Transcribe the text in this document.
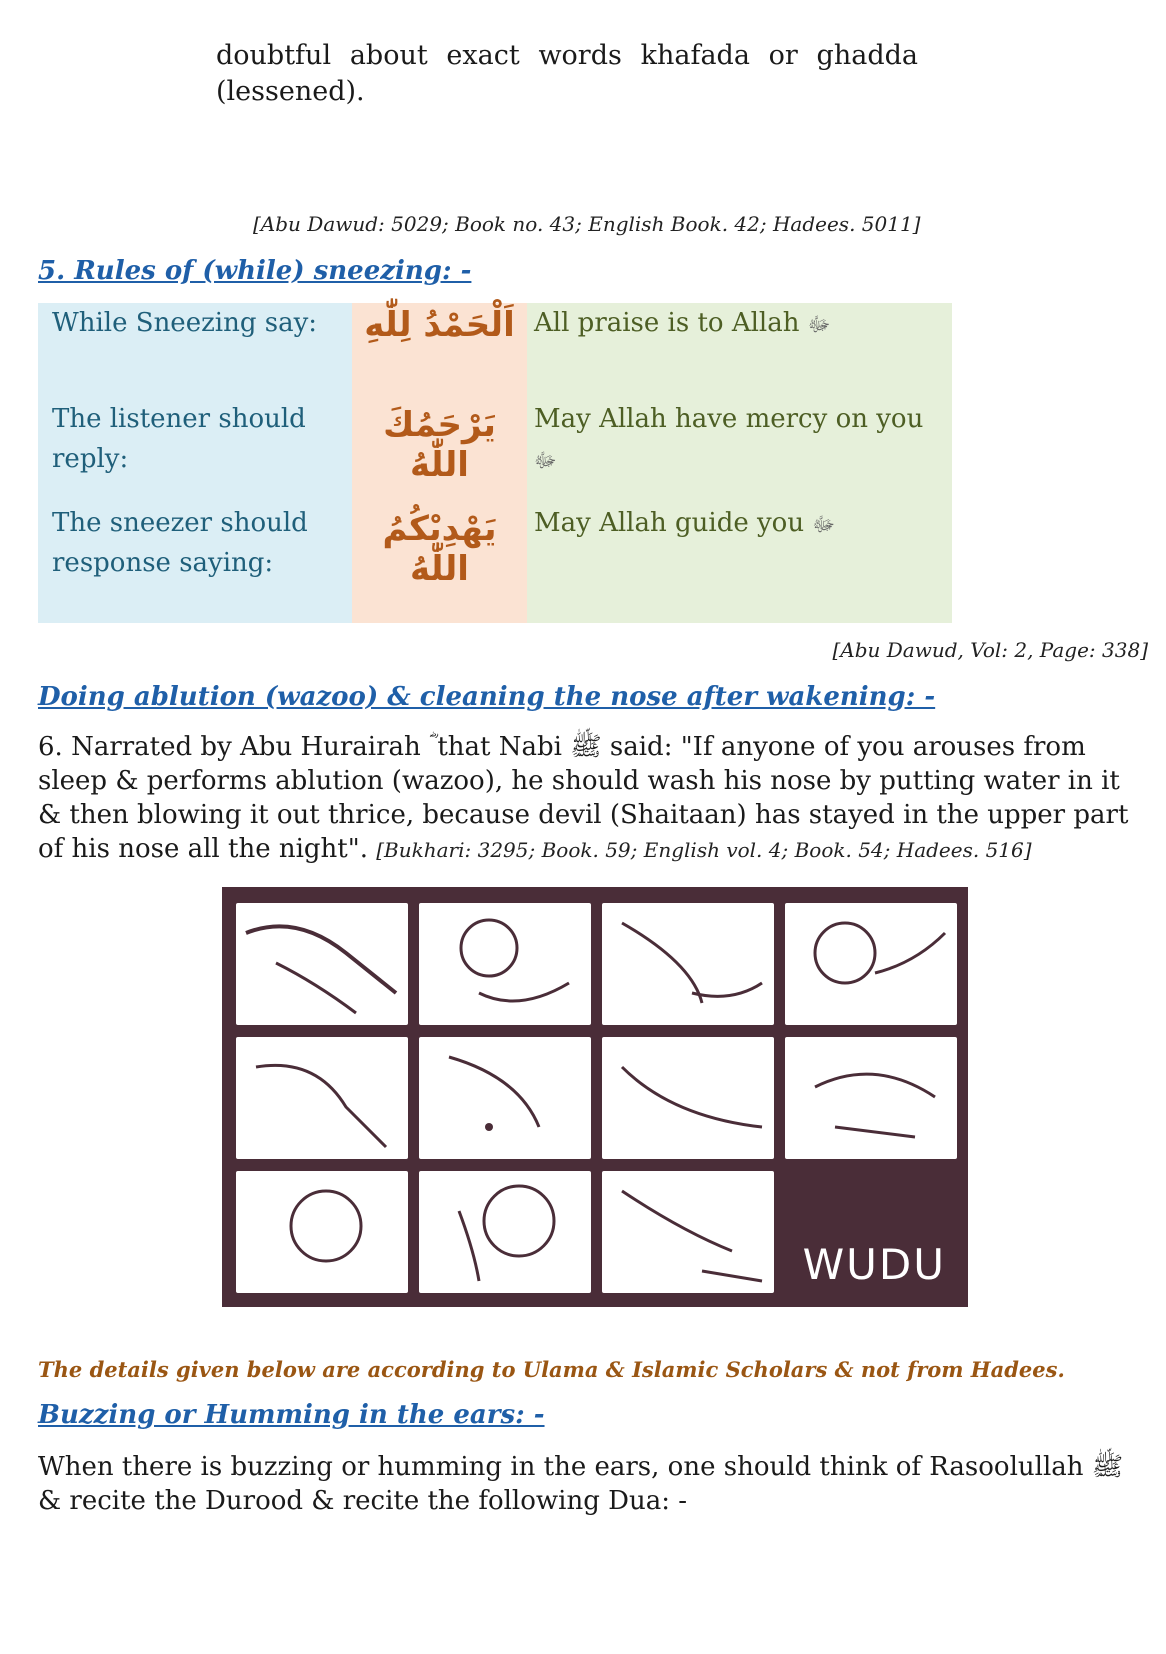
doubtful about exact words khafada or ghadda (lessened).
[Abu Dawud: 5029; Book no. 43; English Book. 42; Hadees. 5011]
5. Rules of (while) sneezing: -
While Sneezing say:	اَلْحَمْدُ لِلّٰهِ All praise is to Allah ﷻ
The listener should reply:
يَرْحَمُكَ اللّٰهُ
May Allah have mercy on you ﷻ
The sneezer should response saying:
يَهْدِيْكُمُ اللّٰهُ
May Allah guide you ﷻ
[Abu Dawud, Vol: 2, Page: 338]
Doing ablution (wazoo) & cleaning the nose after wakening: -
6. Narrated by Abu Hurairah ؓ that Nabi ﷺ said: "If anyone of you arouses from sleep & performs ablution (wazoo), he should wash his nose by putting water in it & then blowing it out thrice, because devil (Shaitaan) has stayed in the upper part of his nose all the night". [Bukhari: 3295; Book. 59; English vol. 4; Book. 54; Hadees. 516]
WUDU
The details given below are according to Ulama & Islamic Scholars & not from Hadees.
Buzzing or Humming in the ears: -
When there is buzzing or humming in the ears, one should think of Rasoolullah ﷺ & recite the Durood & recite the following Dua: -
